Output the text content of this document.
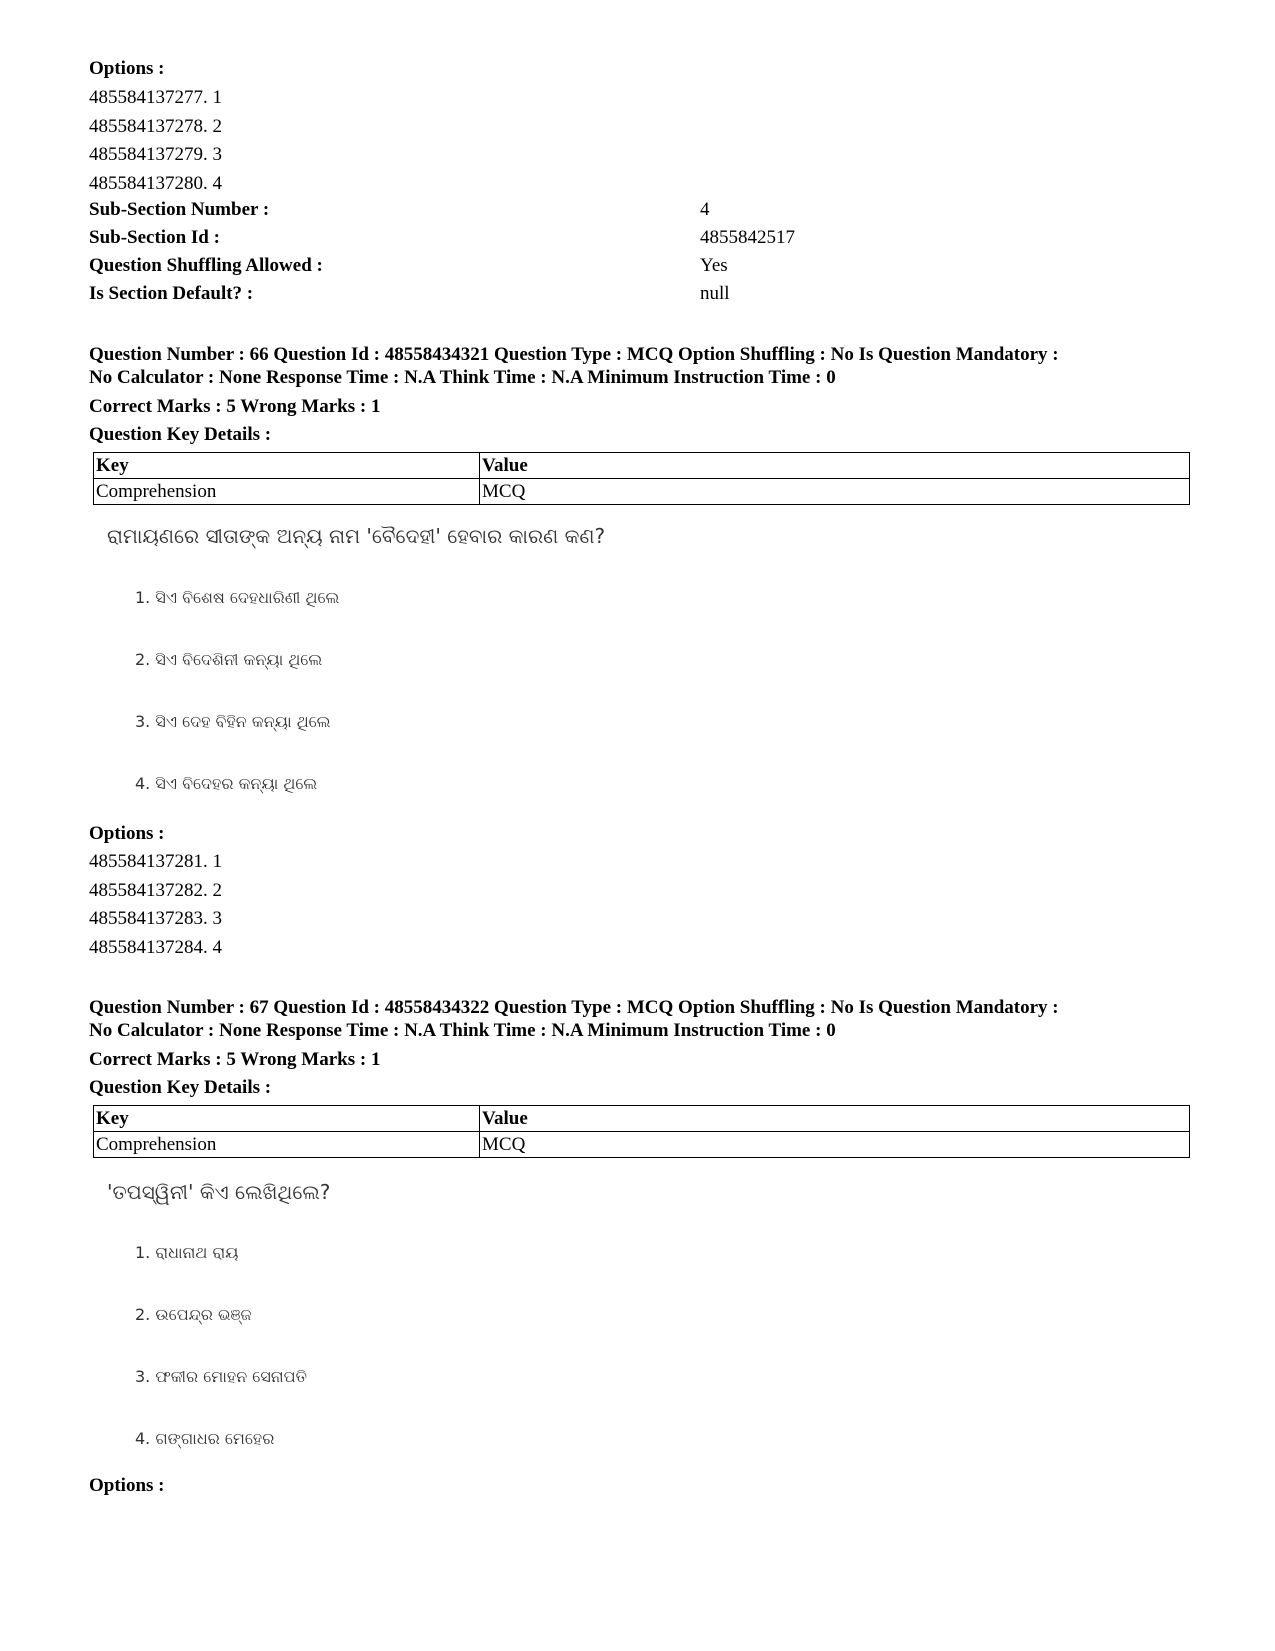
Options :
485584137277. 1
485584137278. 2
485584137279. 3
485584137280. 4
Sub-Section Number :	4
Sub-Section Id :	4855842517
Question Shuffling Allowed :	Yes
Is Section Default? :	null
Question Number : 66 Question Id : 48558434321 Question Type : MCQ Option Shuffling : No Is Question Mandatory :
No Calculator : None Response Time : N.A Think Time : N.A Minimum Instruction Time : 0
Correct Marks : 5 Wrong Marks : 1
Question Key Details :
Key	Value
Comprehension	MCQ
ରାମାୟଣରେ ସୀତାଙ୍କ ଅନ୍ୟ ନାମ 'ବୈଦେହୀ' ହେବାର କାରଣ କଣ?
1. ସିଏ ବିଶେଷ ଦେହଧାରିଣୀ ଥିଲେ
2. ସିଏ ବିଦେଶିନୀ କନ୍ୟା ଥିଲେ
3. ସିଏ ଦେହ ବିହିନ କନ୍ୟା ଥିଲେ
4. ସିଏ ବିଦେହର କନ୍ୟା ଥିଲେ
Options :
485584137281. 1
485584137282. 2
485584137283. 3
485584137284. 4
Question Number : 67 Question Id : 48558434322 Question Type : MCQ Option Shuffling : No Is Question Mandatory :
No Calculator : None Response Time : N.A Think Time : N.A Minimum Instruction Time : 0
Correct Marks : 5 Wrong Marks : 1
Question Key Details :
Key	Value
Comprehension	MCQ
'ତପସ୍ୱିନୀ' କିଏ ଲେଖିଥିଲେ?
1. ରାଧାନାଥ ରାୟ
2. ଉପେନ୍ଦ୍ର ଭଞ୍ଜ
3. ଫକୀର ମୋହନ ସେନାପତି
4. ଗଙ୍ଗାଧର ମେହେର
Options :
